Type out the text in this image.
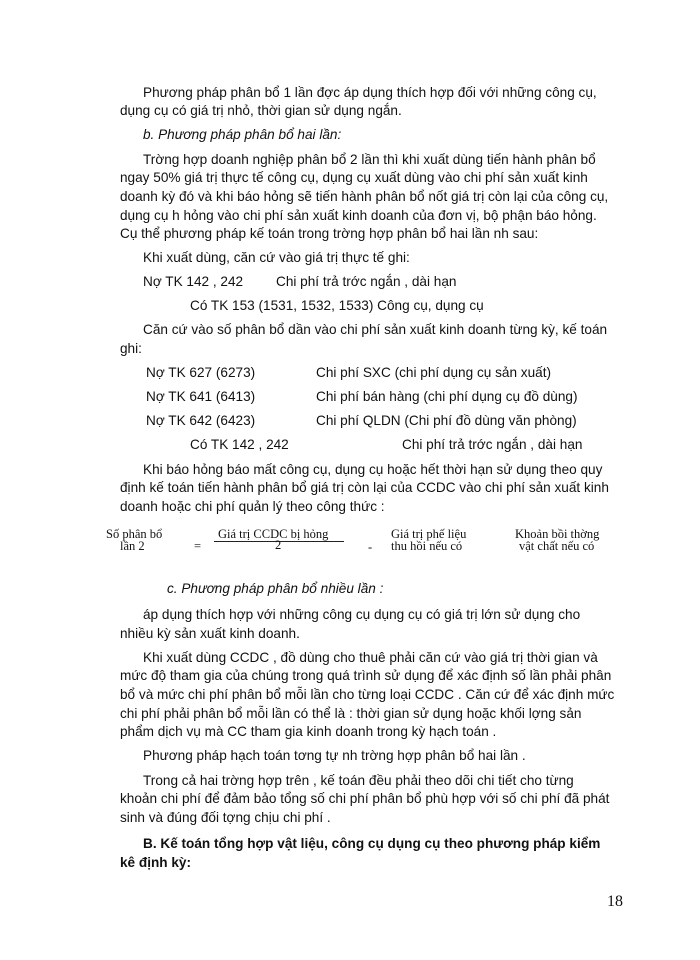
Phương pháp phân bổ 1 lần đợc áp dụng thích hợp đối với những công cụ,
dụng cụ có giá trị nhỏ, thời gian sử dụng ngắn.
b. Phương pháp phân bổ hai lần:
Trờng hợp doanh nghiệp phân bổ 2 lần thì khi xuất dùng tiến hành phân bổ
ngay 50% giá trị thực tế công cụ, dụng cụ xuất dùng vào chi phí sản xuất kinh
doanh kỳ đó và khi báo hỏng sẽ tiến hành phân bổ nốt giá trị còn lại của công cụ,
dụng cụ h hỏng vào chi phí sản xuất kinh doanh của đơn vị, bộ phận báo hỏng.
Cụ thể phương pháp kế toán trong trờng hợp phân bổ hai lần nh sau:
Khi xuất dùng, căn cứ vào giá trị thực tế ghi:
Nợ TK 142 , 242 Chi phí trả trớc ngắn , dài hạn
Có TK 153 (1531, 1532, 1533) Công cụ, dụng cụ
Căn cứ vào số phân bổ dần vào chi phí sản xuất kinh doanh từng kỳ, kế toán
ghi:
Nợ TK 627 (6273)	Chi phí SXC (chi phí dụng cụ sản xuất)
Nợ TK 641 (6413)	Chi phí bán hàng (chi phí dụng cụ đồ dùng)
Nợ TK 642 (6423)	Chi phí QLDN (Chi phí đồ dùng văn phòng)
Có TK 142 , 242	Chi phí trả trớc ngắn , dài hạn
Khi báo hỏng báo mất công cụ, dụng cụ hoặc hết thời hạn sử dụng theo quy
định kế toán tiến hành phân bổ giá trị còn lại của CCDC vào chi phí sản xuất kinh
doanh hoặc chi phí quản lý theo công thức :
Số phân bổ
lần 2	=
Giá trị CCDC bị hỏng
2	-
Giá trị phế liệu
thu hồi nếu có
Khoản bồi thờng
vật chất nếu có
c. Phương pháp phân bổ nhiều lần :
áp dụng thích hợp với những công cụ dụng cụ có giá trị lớn sử dụng cho
nhiều kỳ sản xuất kinh doanh.
Khi xuất dùng CCDC , đồ dùng cho thuê phải căn cứ vào giá trị thời gian và
mức độ tham gia của chúng trong quá trình sử dụng để xác định số lần phải phân
bổ và mức chi phí phân bổ mỗi lần cho từng loại CCDC . Căn cứ để xác định mức
chi phí phải phân bổ mỗi lần có thể là : thời gian sử dụng hoặc khối lợng sản
phẩm dịch vụ mà CC tham gia kinh doanh trong kỳ hạch toán .
Phương pháp hạch toán tơng tự nh trờng hợp phân bổ hai lần .
Trong cả hai trờng hợp trên , kế toán đều phải theo dõi chi tiết cho từng
khoản chi phí để đảm bảo tổng số chi phí phân bổ phù hợp với số chi phí đã phát
sinh và đúng đối tợng chịu chi phí .
B. Kế toán tổng hợp vật liệu, công cụ dụng cụ theo phương pháp kiểm
kê định kỳ:
18
